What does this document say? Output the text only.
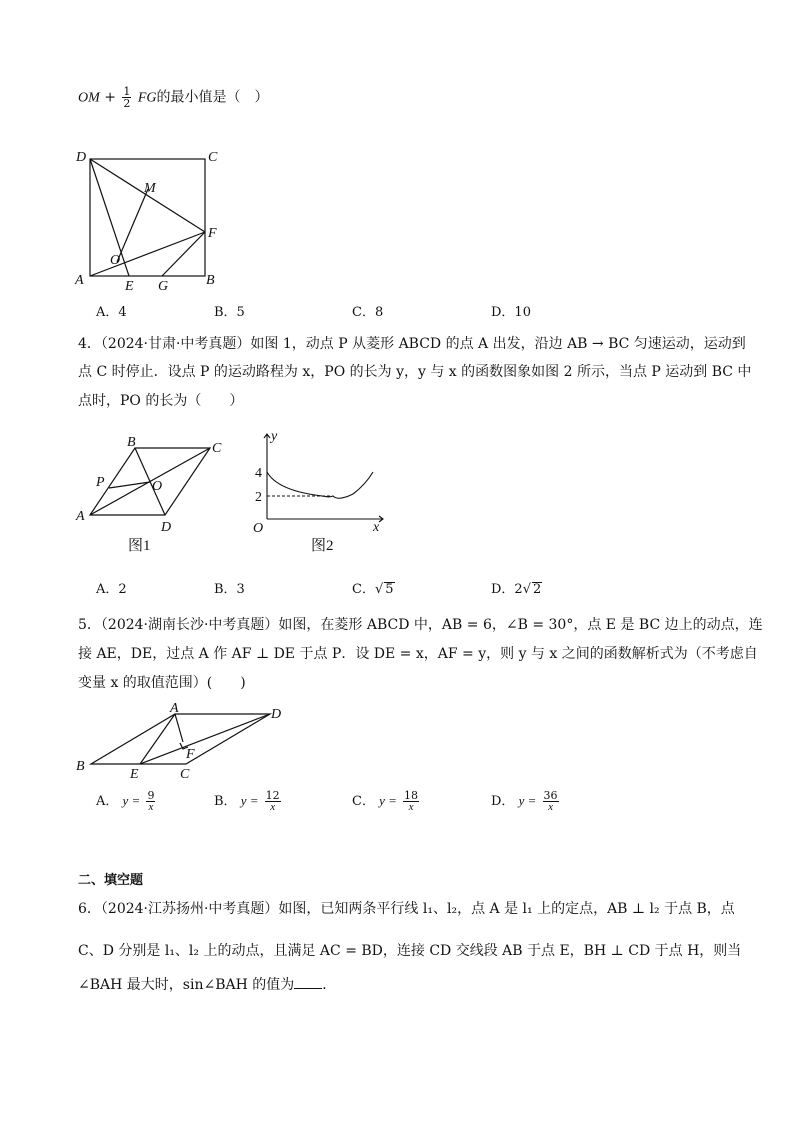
OM + $\frac{1}{2}$ FG的最小值是（　）
D	C
M
F
O
A	E G	B
A．4	B．5	C．8	D．10
4．（2024·甘肃·中考真题）如图 1，动点 P 从菱形 ABCD 的点 A 出发，沿边 AB → BC 匀速运动，运动到
点 C 时停止．设点 P 的运动路程为 x，PO 的长为 y，y 与 x 的函数图象如图 2 所示，当点 P 运动到 BC 中
点时，PO 的长为（　　）
B	C
P	O
A
D
图1
y
4
2
O	x
图2
A．2	B．3	C．√ 5	D．2√ 2
5．（2024·湖南长沙·中考真题）如图，在菱形 ABCD 中，AB = 6，∠B = 30°，点 E 是 BC 边上的动点，连
接 AE，DE，过点 A 作 AF ⊥ DE 于点 P．设 DE = x，AF = y，则 y 与 x 之间的函数解析式为（不考虑自
变量 x 的取值范围）(　　)
A	D
F
B
E	C
A． $y = \frac{9}{x}$	B． $y = \frac{12}{x}$	C． $y = \frac{18}{x}$	D． $y = \frac{36}{x}$
二、填空题
6．（2024·江苏扬州·中考真题）如图，已知两条平行线 l₁、l₂，点 A 是 l₁ 上的定点，AB ⊥ l₂ 于点 B，点
C、D 分别是 l₁、l₂ 上的动点，且满足 AC = BD，连接 CD 交线段 AB 于点 E，BH ⊥ CD 于点 H，则当
∠BAH 最大时，sin∠BAH 的值为 ．
